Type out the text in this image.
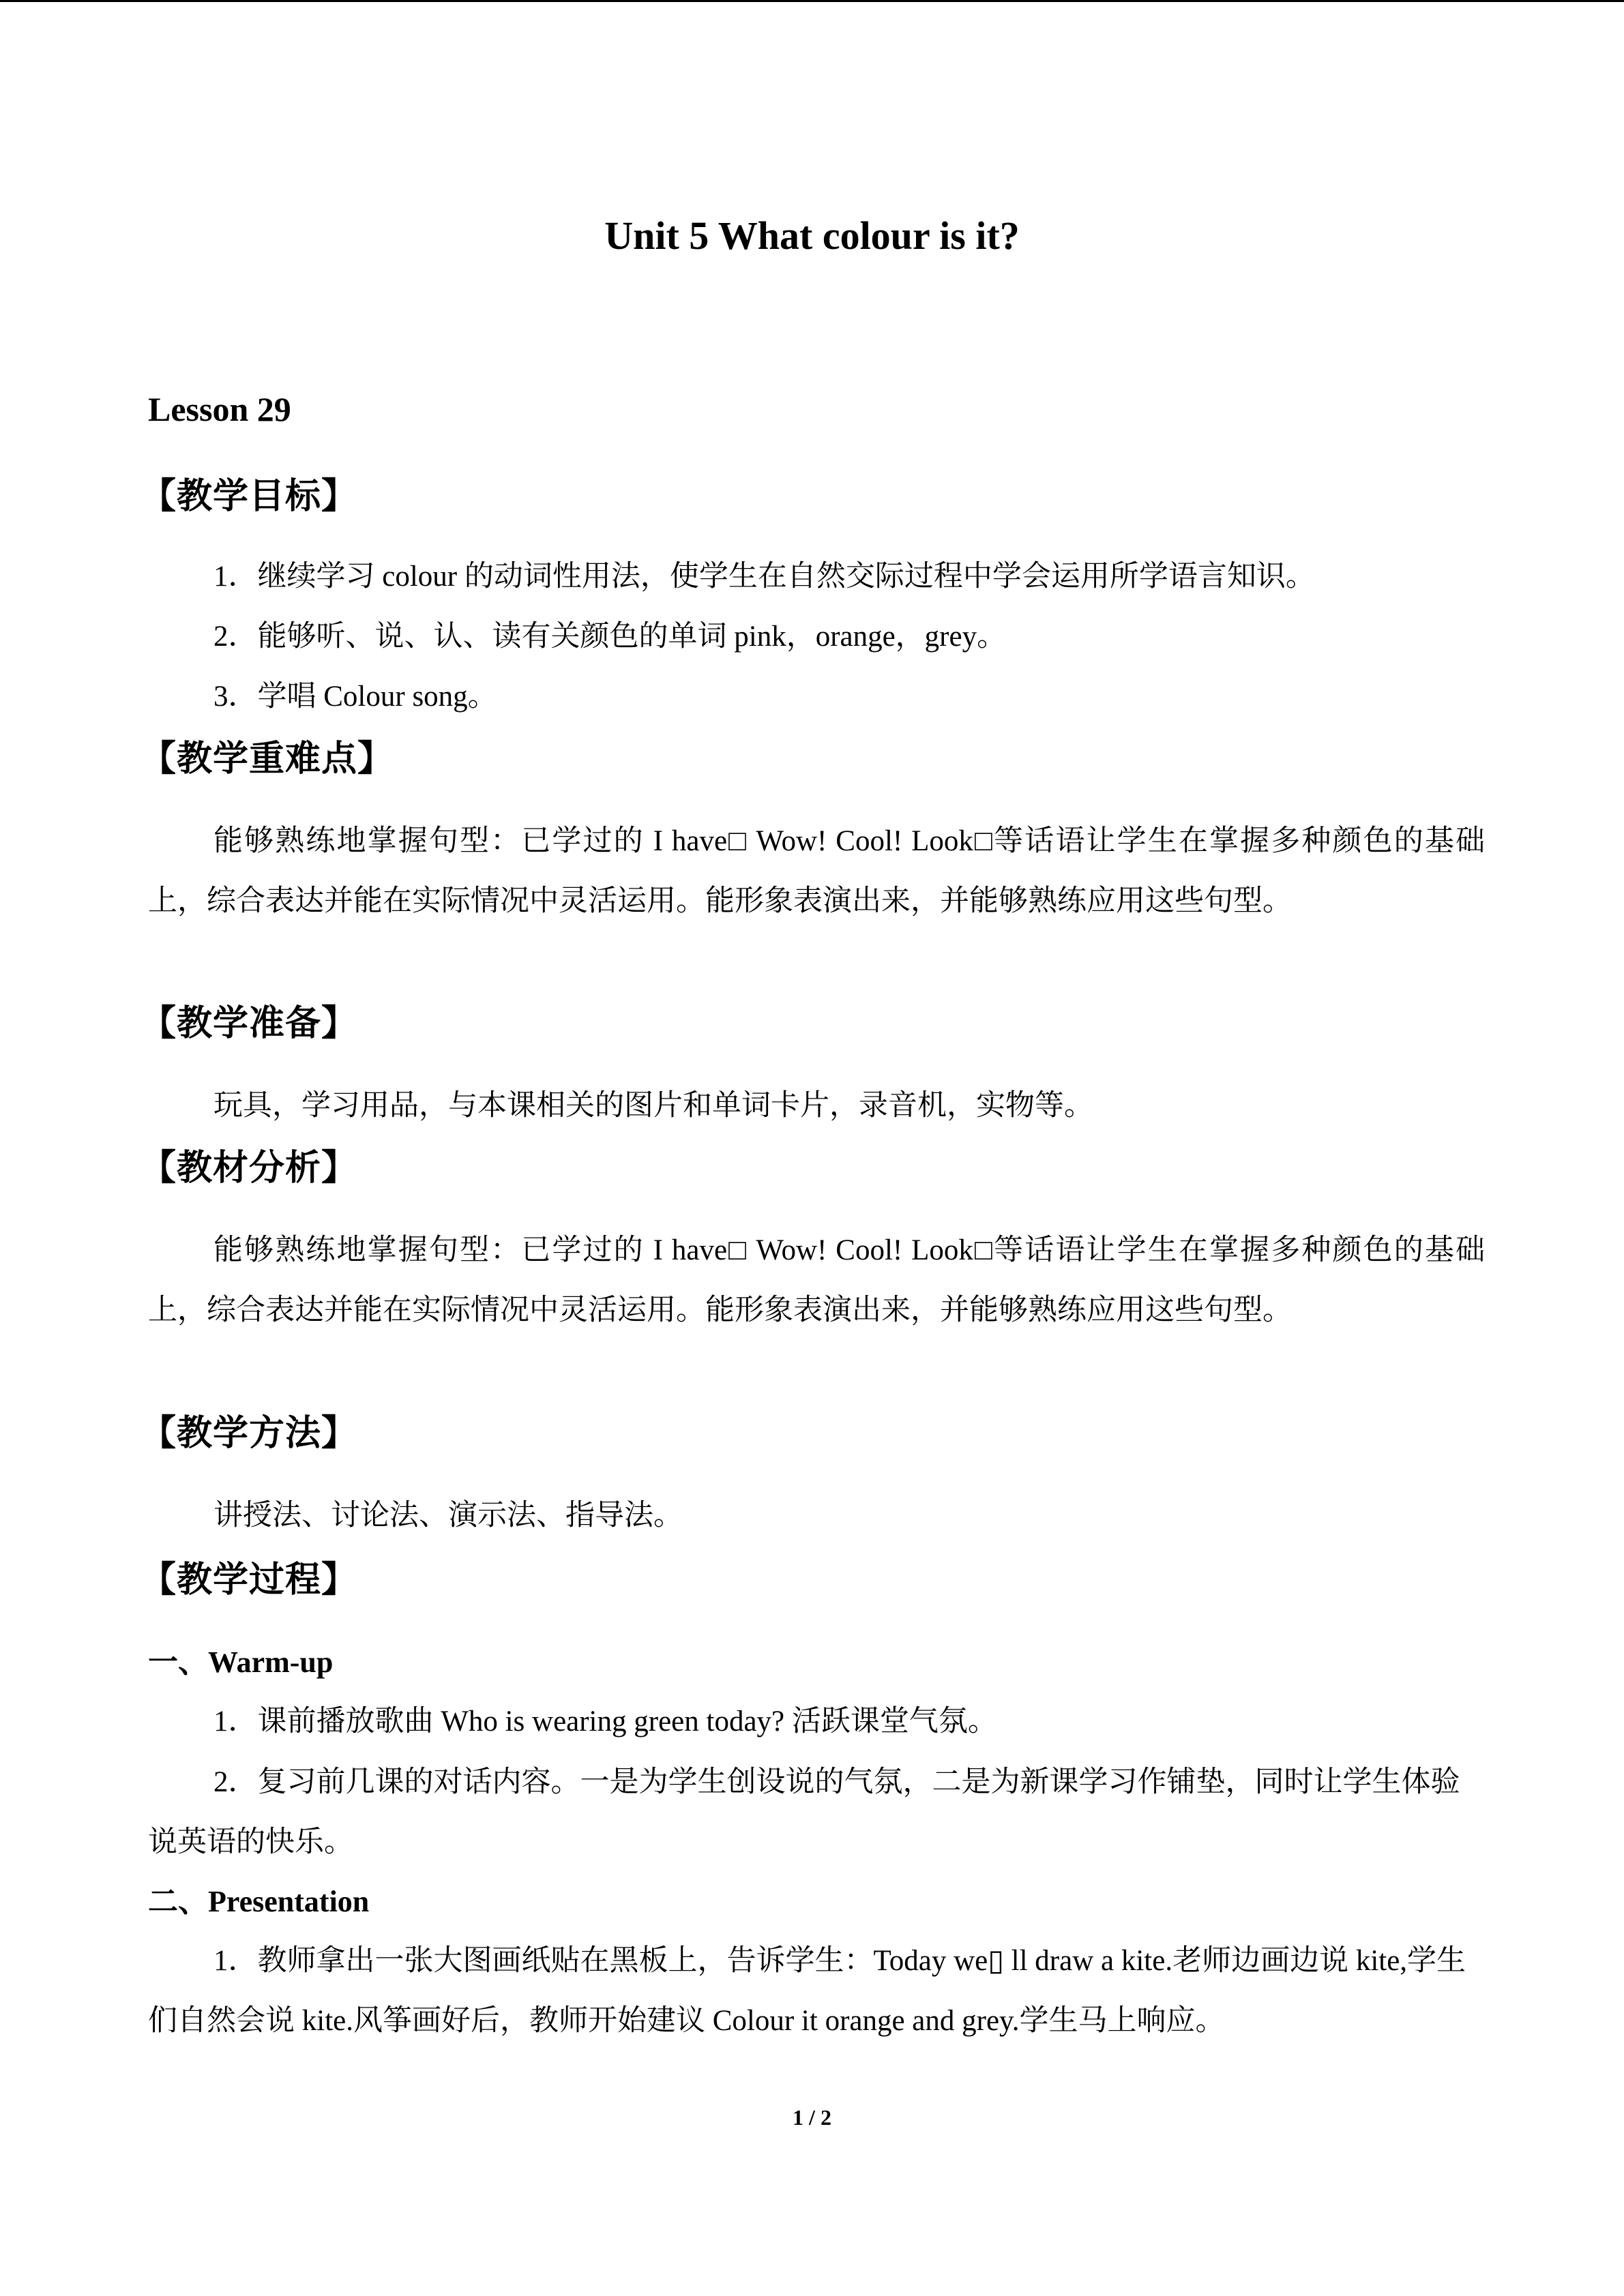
Unit 5 What colour is it?
Lesson 29
【教学目标】

1．继续学习 colour 的动词性用法，使学生在自然交际过程中学会运用所学语言知识。

2．能够听、说、认、读有关颜色的单词 pink，orange，grey。

3．学唱 Colour song。

【教学重难点】

能够熟练地掌握句型：已学过的 I have□ Wow! Cool! Look□等话语让学生在掌握多种颜色的基础上，综合表达并能在实际情况中灵活运用。能形象表演出来，并能够熟练应用这些句型。

【教学准备】

玩具，学习用品，与本课相关的图片和单词卡片，录音机，实物等。

【教材分析】

能够熟练地掌握句型：已学过的 I have□ Wow! Cool! Look□等话语让学生在掌握多种颜色的基础上，综合表达并能在实际情况中灵活运用。能形象表演出来，并能够熟练应用这些句型。

【教学方法】

讲授法、讨论法、演示法、指导法。

【教学过程】
一、Warm-up

1．课前播放歌曲 Who is wearing green today? 活跃课堂气氛。

2．复习前几课的对话内容。一是为学生创设说的气氛，二是为新课学习作铺垫，同时让学生体验说英语的快乐。

二、Presentation

1．教师拿出一张大图画纸贴在黑板上，告诉学生：Today we▯ ll draw a kite.老师边画边说 kite,学生们自然会说 kite.风筝画好后，教师开始建议 Colour it orange and grey.学生马上响应。

1 / 2
